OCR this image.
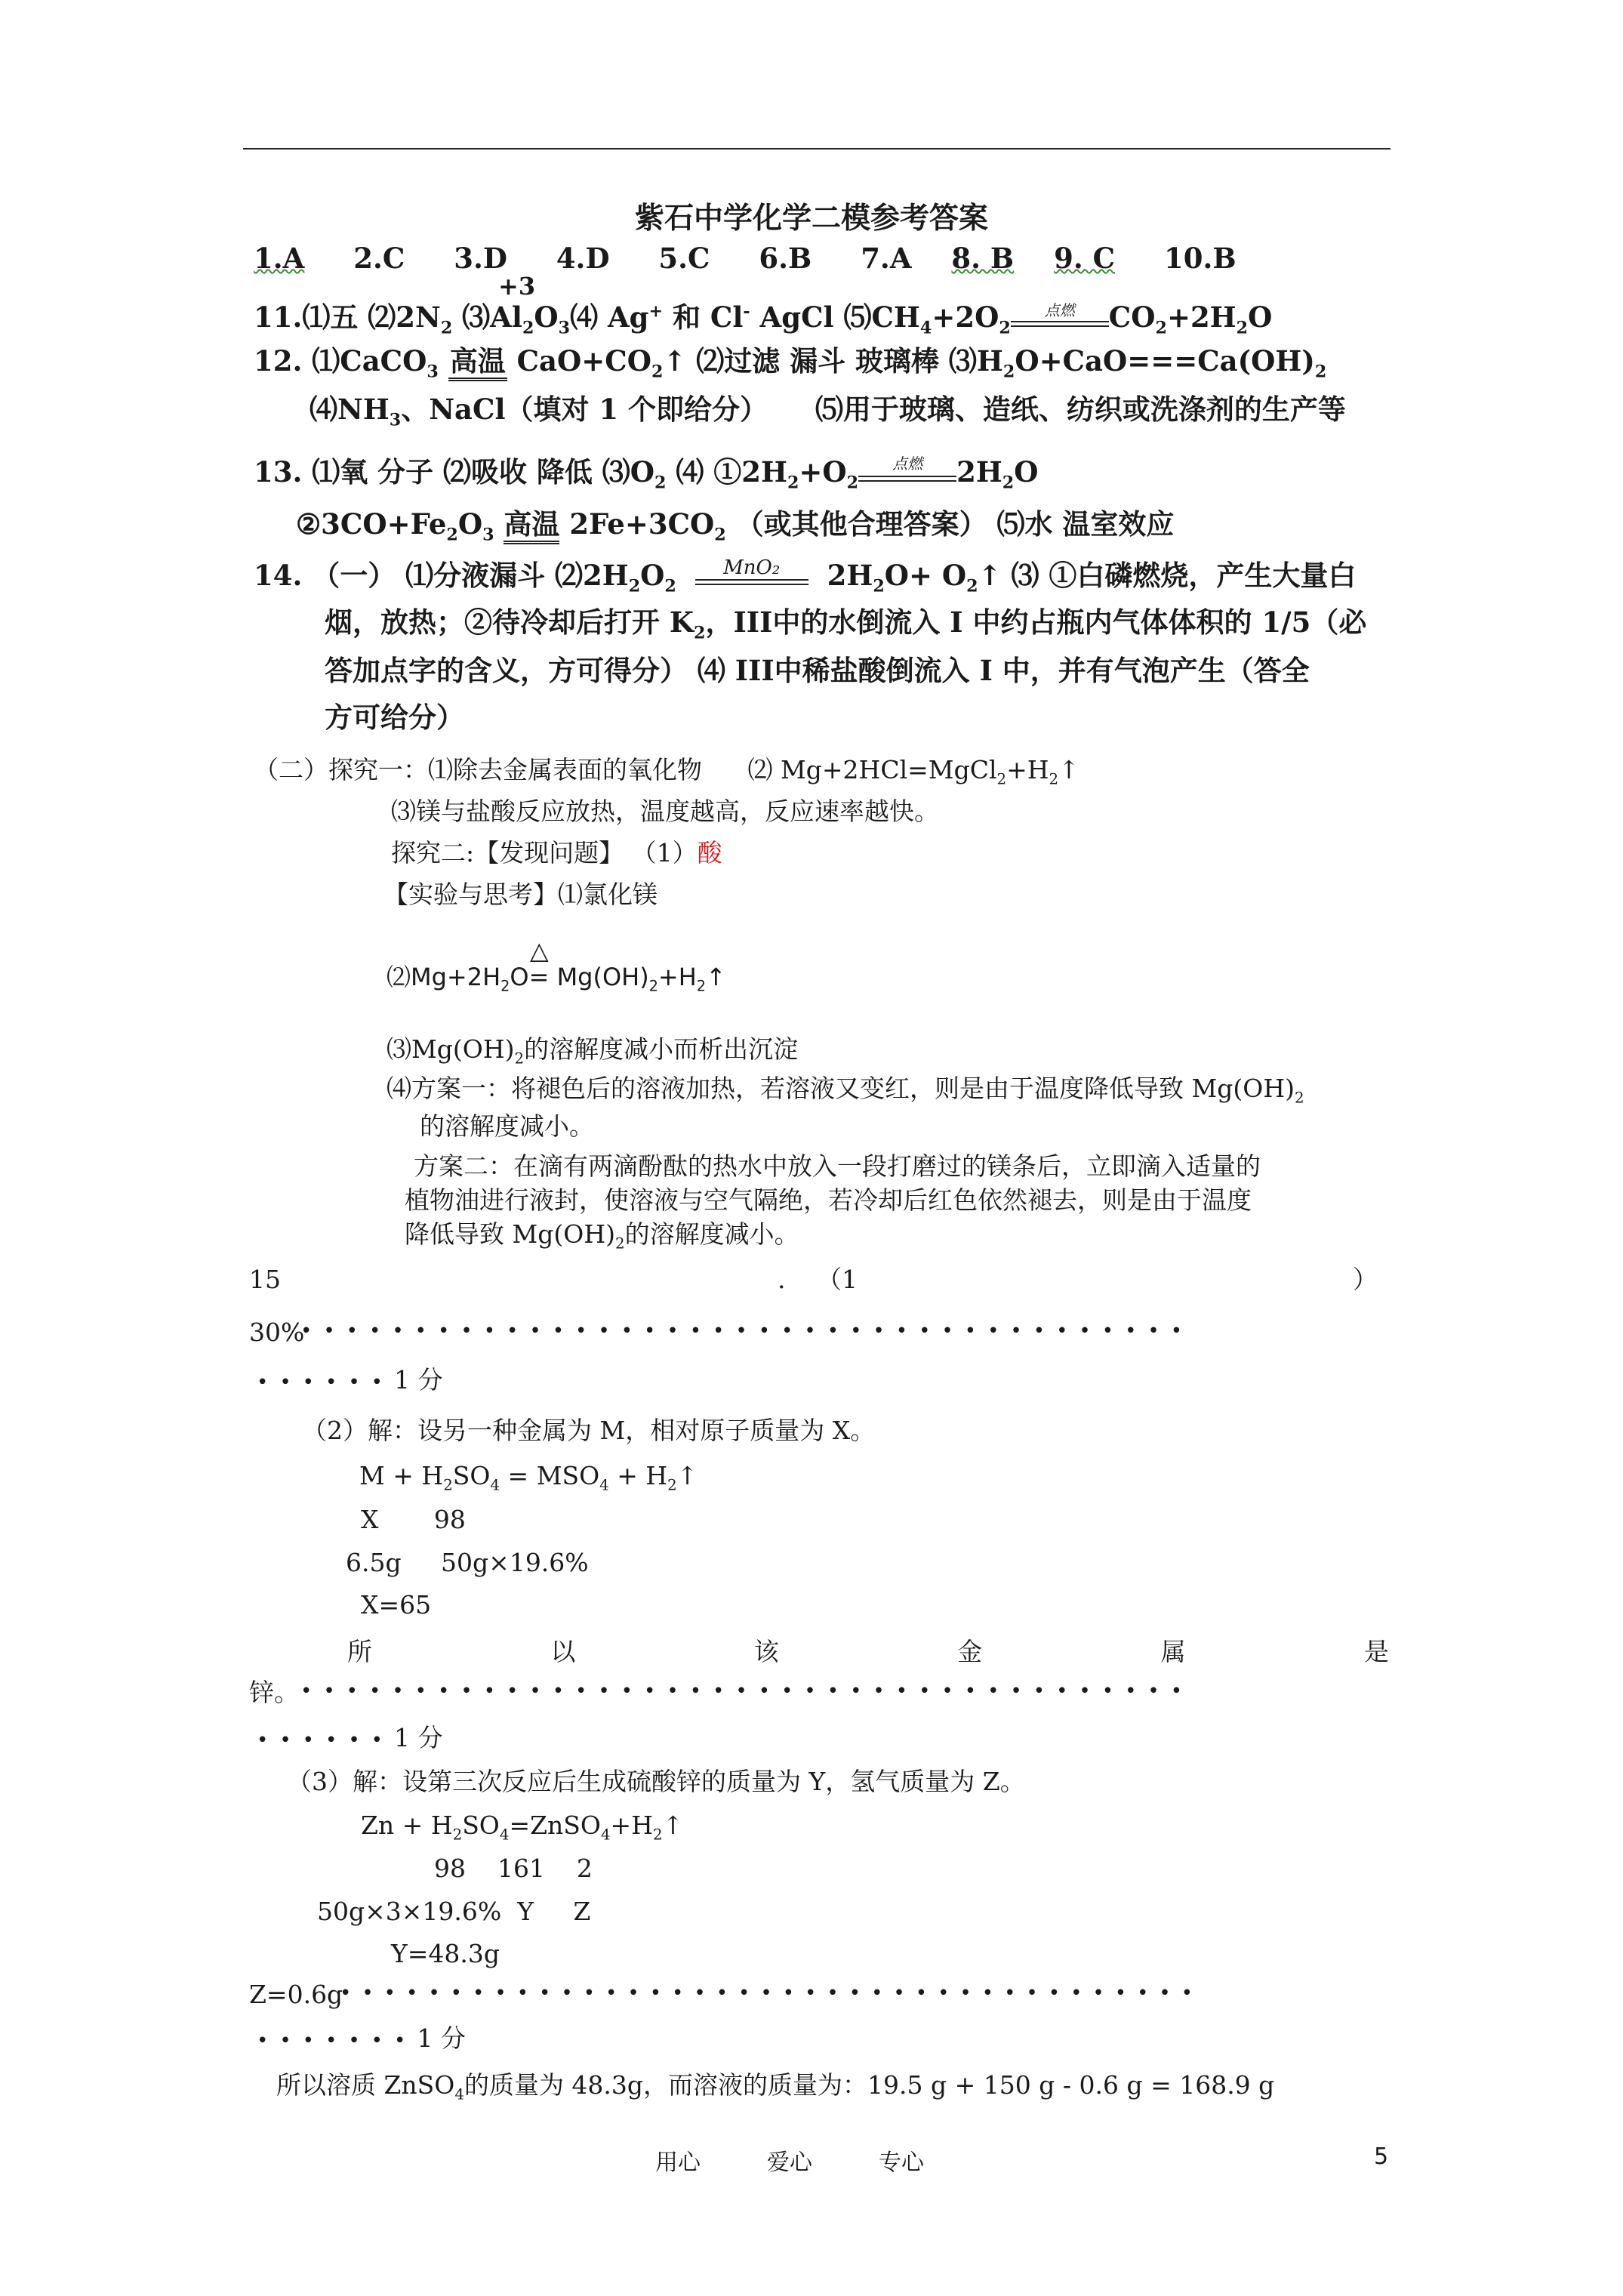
紫石中学化学二模参考答案
1.A 2.C 3.D 4.D 5.C 6.B 7.A 8. B 9. C 10.B
+3
11.⑴五 $⑵2N_2$ $⑶Al_2O_3⑷$ Ag+ 和 Cl- AgCl $⑸CH_4+2O_2$
点燃	$CO_2+2H_2O$
12. ⑴CaCO$_3$ 高温 $CaO+CO_2↑$ ⑵过滤 漏斗 玻璃棒 $⑶H_2O+CaO===Ca(OH)_2$
$⑷NH_3$、NaCl（填对 1 个即给分） ⑸用于玻璃、造纸、纺织或洗涤剂的生产等
13. ⑴氧 分子 ⑵吸收 降低 $⑶O_2$ ⑷ $①2H_2+O_2$
点燃	$2H_2O$
$②3CO+Fe_2O_3$ 高温 $2Fe+3CO_2$ （或其他合理答案） ⑸水 温室效应
14. （一） ⑴分液漏斗 $⑵2H_2O_2$
MnO₂	$2H_2O+$ $O_2↑$ ⑶ ①白磷燃烧，产生大量白
烟，放热；②待冷却后打开 $K_2$，III中的水倒流入 I 中约占瓶内气体体积的 1/5（必
答加点字的含义，方可得分） ⑷ III中稀盐酸倒流入 I 中，并有气泡产生（答全
方可给分）
（二）探究一：⑴除去金属表面的氧化物 ⑵ $Mg+2HCl=MgCl_2+H_2↑$
⑶镁与盐酸反应放热，温度越高，反应速率越快。
探究二:【发现问题】 （1）酸
【实验与思考】⑴氯化镁
△
$⑵Mg+2H_2O=$ $Mg(OH)_2+H_2↑$
$⑶Mg(OH)_2$的溶解度减小而析出沉淀
⑷方案一：将褪色后的溶液加热，若溶液又变红，则是由于温度降低导致 $Mg(OH)_2$
的溶解度减小。
方案二：在滴有两滴酚酞的热水中放入一段打磨过的镁条后，立即滴入适量的
植物油进行液封，使溶液与空气隔绝，若冷却后红色依然褪去，则是由于温度
降低导致 $Mg(OH)_2$的溶解度减小。
15	. （1	）
30%
•••••••••••••••••••••••••••••••••••••••
••••••1 分
（2）解：设另一种金属为 M，相对原子质量为 X。
$M + H_2SO_4 = MSO_4$ + $H_2↑$
X       98
6.5g     50g×19.6%
X=65
所	以	该	金	属	是
锌。 •••••••••••••••••••••••••••••••••••••••
••••••1 分
（3）解：设第三次反应后生成硫酸锌的质量为 Y，氢气质量为 Z。
$Zn + H_2SO_4=ZnSO_4+H_2↑$
98    161    2
50g×3×19.6%  Y     Z
Y=48.3g
Z=0.6g
•••••••••••••••••••••••••••••••••••••••
•••••••1 分
所以溶质 ZnSO$_4$的质量为 48.3g，而溶液的质量为：19.5 g + 150 g - 0.6 g = 168.9 g
用心	爱心	专心	5
